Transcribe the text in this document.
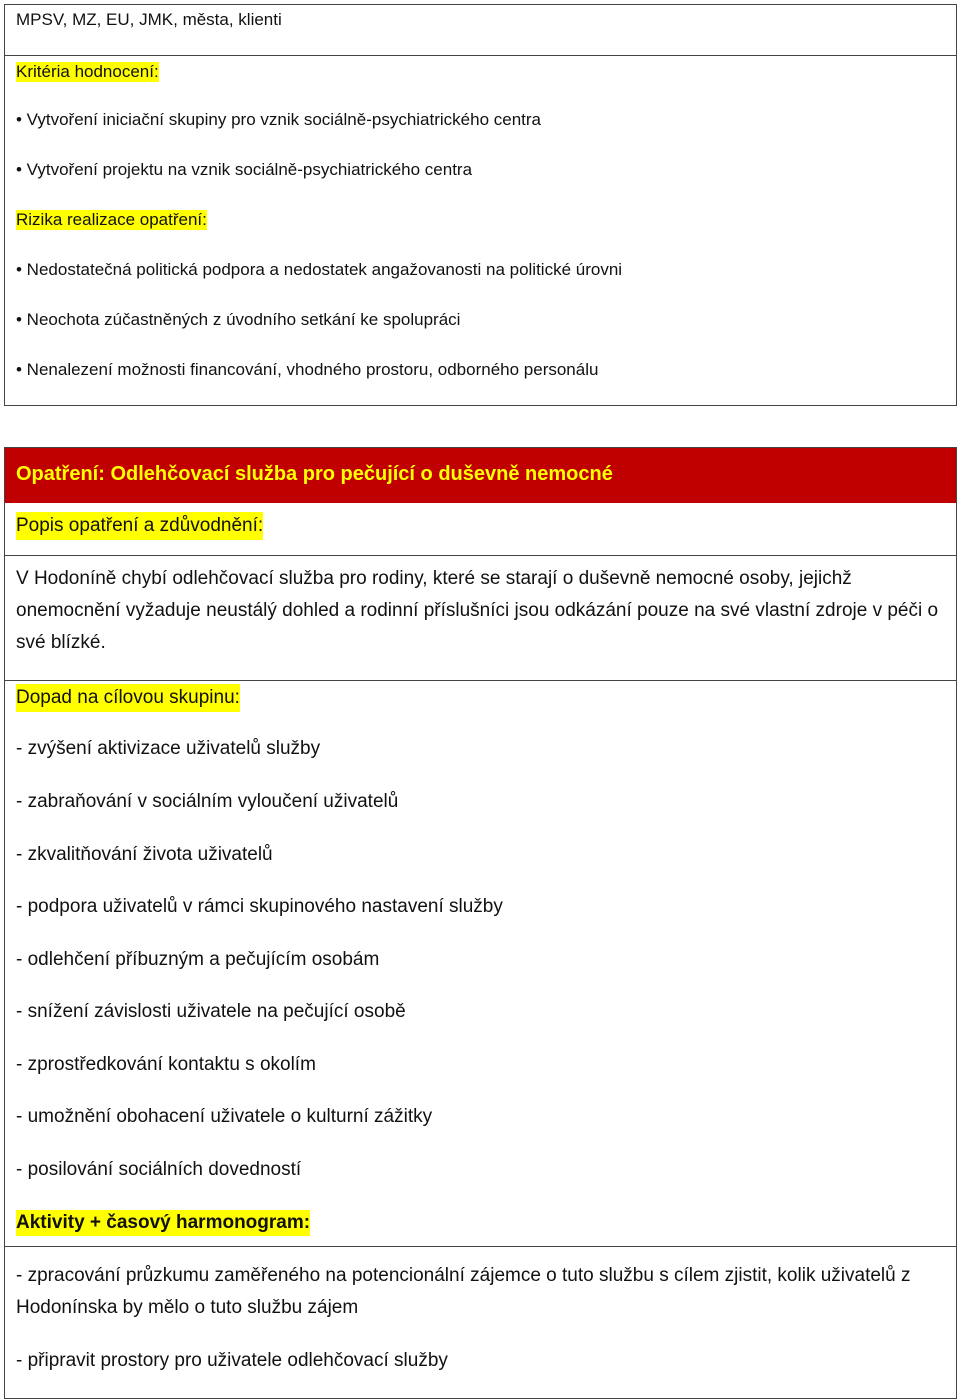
MPSV, MZ, EU, JMK, města, klienti
Kritéria hodnocení:
• Vytvoření iniciační skupiny pro vznik sociálně-psychiatrického centra
• Vytvoření projektu na vznik sociálně-psychiatrického centra
Rizika realizace opatření:
• Nedostatečná politická podpora a nedostatek angažovanosti na politické úrovni
• Neochota zúčastněných z úvodního setkání ke spolupráci
• Nenalezení možnosti financování, vhodného prostoru, odborného personálu
Opatření: Odlehčovací služba pro pečující o duševně nemocné
Popis opatření a zdůvodnění:
V Hodoníně chybí odlehčovací služba pro rodiny, které se starají o duševně nemocné osoby, jejichž onemocnění vyžaduje neustálý dohled a rodinní příslušníci jsou odkázání pouze na své vlastní zdroje v péči o své blízké.
Dopad na cílovou skupinu:
- zvýšení aktivizace uživatelů služby
- zabraňování v sociálním vyloučení uživatelů
- zkvalitňování života uživatelů
- podpora uživatelů v rámci skupinového nastavení služby
- odlehčení příbuzným a pečujícím osobám
- snížení závislosti uživatele na pečující osobě
- zprostředkování kontaktu s okolím
- umožnění obohacení uživatele o kulturní zážitky
- posilování sociálních dovedností
Aktivity + časový harmonogram:
- zpracování průzkumu zaměřeného na potencionální zájemce o tuto službu s cílem zjistit, kolik uživatelů z Hodonínska by mělo o tuto službu zájem
- připravit prostory pro uživatele odlehčovací služby
